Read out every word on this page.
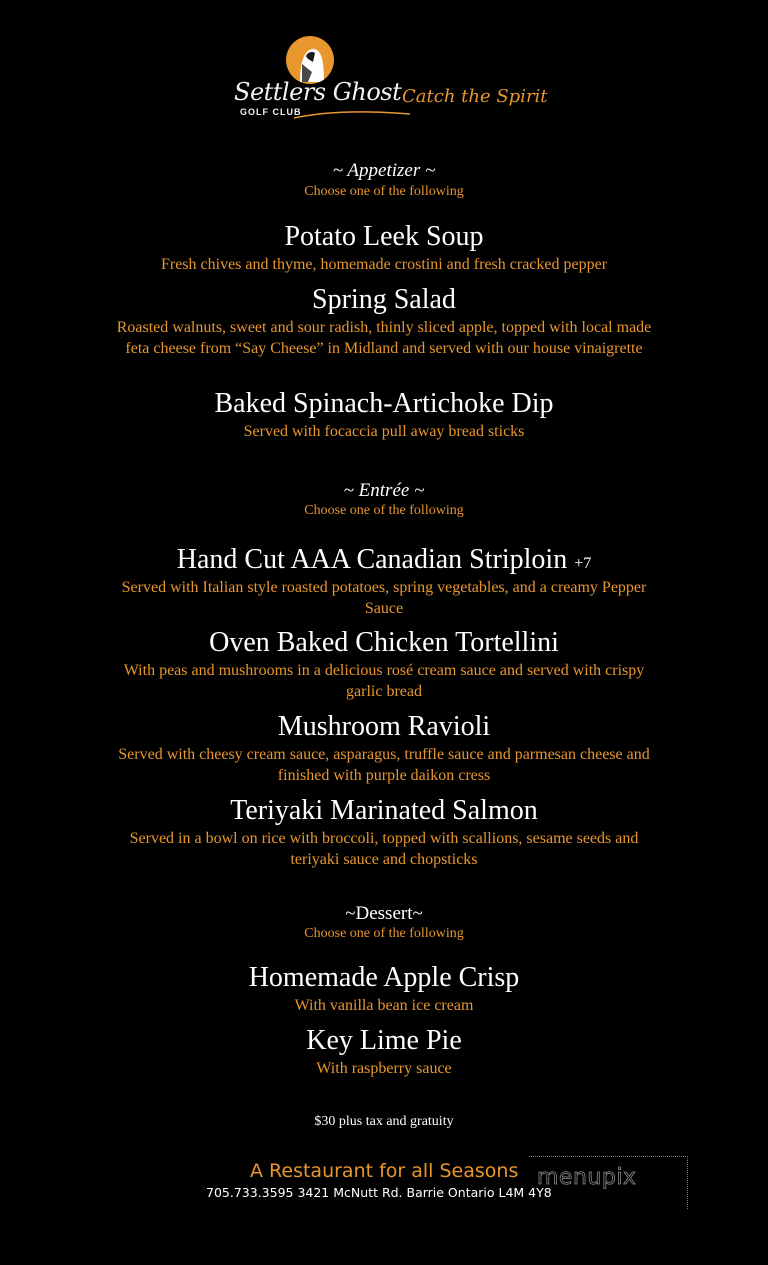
Settlers Ghost
GOLF CLUB
Catch the Spirit
~ Appetizer ~
Choose one of the following
Potato Leek Soup
Fresh chives and thyme, homemade crostini and fresh cracked pepper
Spring Salad
Roasted walnuts, sweet and sour radish, thinly sliced apple, topped with local made feta cheese from “Say Cheese” in Midland and served with our house vinaigrette
Baked Spinach-Artichoke Dip
Served with focaccia pull away bread sticks
~ Entrée ~
Choose one of the following
Hand Cut AAA Canadian Striploin +7
Served with Italian style roasted potatoes, spring vegetables, and a creamy Pepper Sauce
Oven Baked Chicken Tortellini
With peas and mushrooms in a delicious rosé cream sauce and served with crispy garlic bread
Mushroom Ravioli
Served with cheesy cream sauce, asparagus, truffle sauce and parmesan cheese and finished with purple daikon cress
Teriyaki Marinated Salmon
Served in a bowl on rice with broccoli, topped with scallions, sesame seeds and teriyaki sauce and chopsticks
~Dessert~
Choose one of the following
Homemade Apple Crisp
With vanilla bean ice cream
Key Lime Pie
With raspberry sauce
$30 plus tax and gratuity
A Restaurant for all Seasons
705.733.3595 3421 McNutt Rd. Barrie Ontario L4M 4Y8
menupix
